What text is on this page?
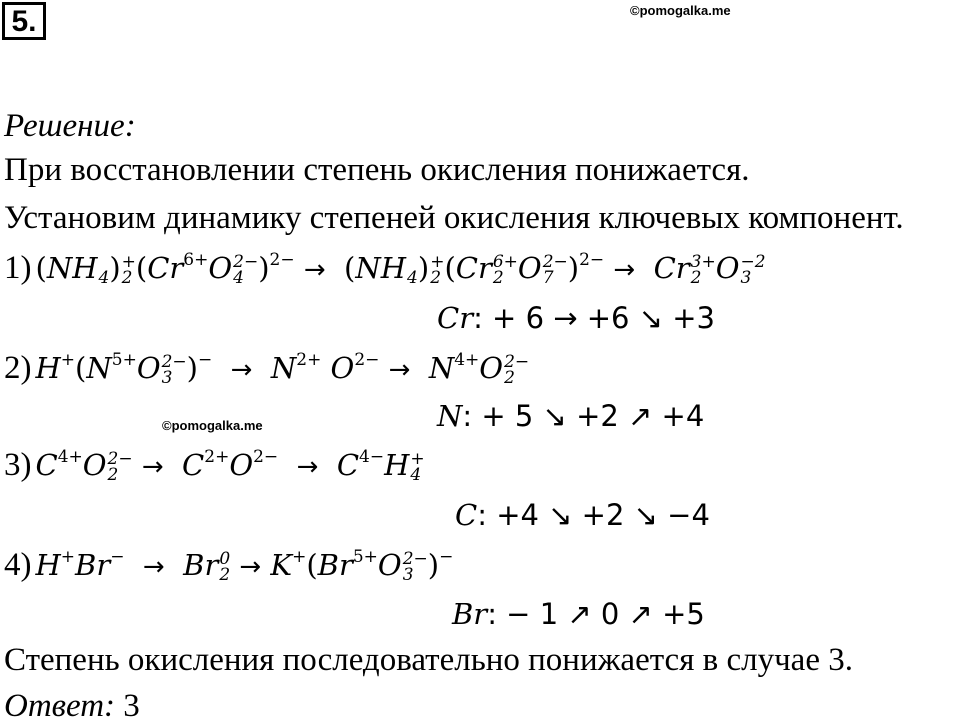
5.	©pomogalka.me
Решение:
При восстановлении степень окисления понижается.
Установим динамику степеней окисления ключевых компонент.
1) (NH
4 ) +
2 ($Cr^{6+}O$ 2−
4 )$^{2-}$ → (NH
4 ) +
2 (Cr 6+
2 O 2−
7 )$^{2-}$ →  Cr 3+
2 O −2
3
Cr: + 6 → +6 ↘ +3
2) $H^+(N^{5+}O$ 2−
3 )$^- \to N^{2+}$ $O^{2-} \to N^{4+}O$ 2−
2
©pomogalka.me	N: + 5 ↘ +2 ↗ +4
3) $C^{4+}O$ 2−
$2 \to C^{2+}O^{2-} \to C^{4-}H$ +
4
C: +4 ↘ +2 ↘ −4
4) H+Br− →  Br 0
$2 \to K^+(Br^{5+}O$ 2−
3 )−
Br: − 1 ↗ 0 ↗ +5
Степень окисления последовательно понижается в случае 3.
Ответ: 3
